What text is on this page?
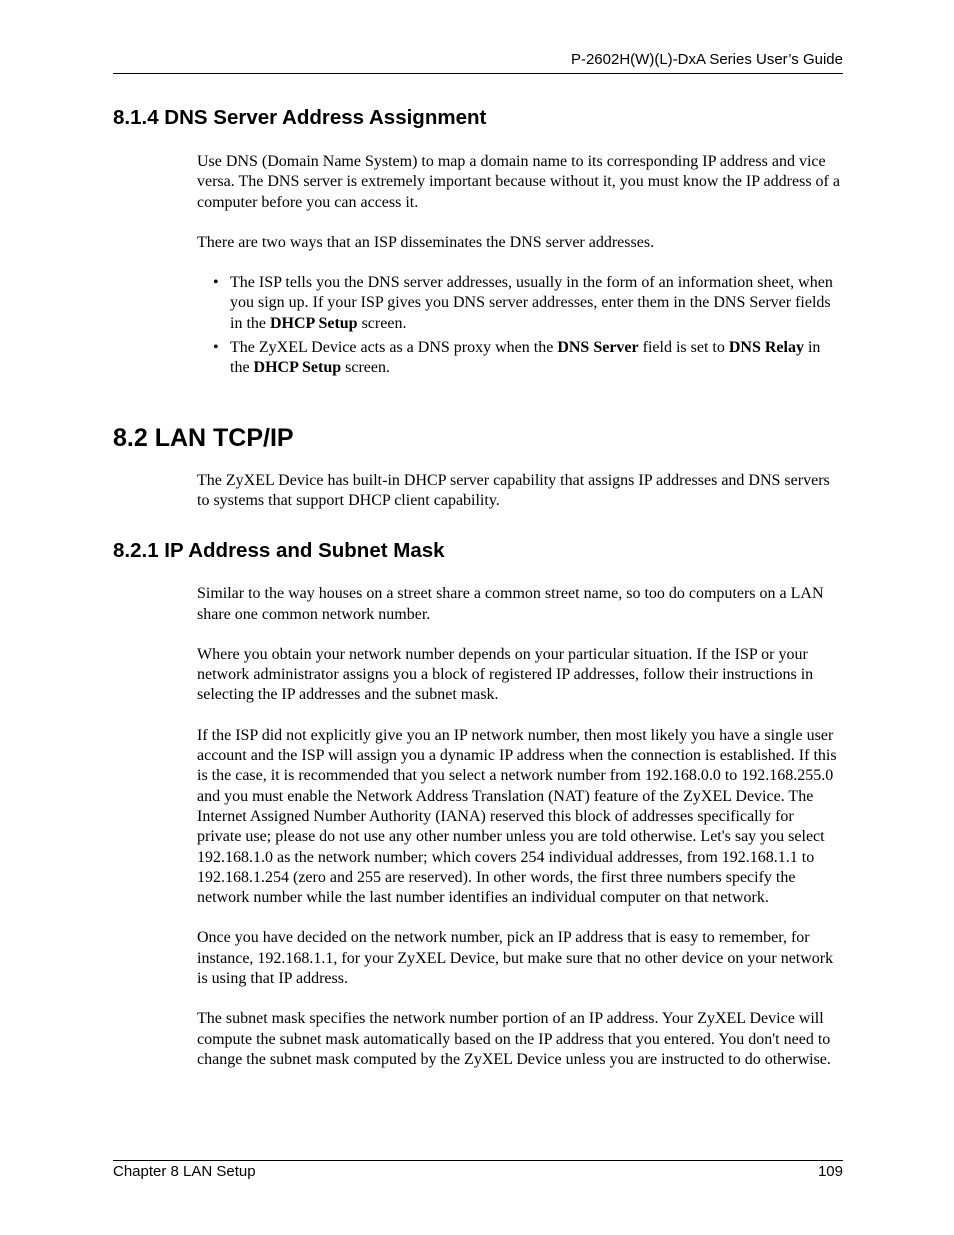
P-2602H(W)(L)-DxA Series User’s Guide
8.1.4 DNS Server Address Assignment

Use DNS (Domain Name System) to map a domain name to its corresponding IP address and vice versa. The DNS server is extremely important because without it, you must know the IP address of a computer before you can access it.

There are two ways that an ISP disseminates the DNS server addresses.

• The ISP tells you the DNS server addresses, usually in the form of an information sheet, when you sign up. If your ISP gives you DNS server addresses, enter them in the DNS Server fields in the DHCP Setup screen.
• The ZyXEL Device acts as a DNS proxy when the DNS Server field is set to DNS Relay in the DHCP Setup screen.
8.2 LAN TCP/IP

The ZyXEL Device has built-in DHCP server capability that assigns IP addresses and DNS servers to systems that support DHCP client capability.

8.2.1 IP Address and Subnet Mask

Similar to the way houses on a street share a common street name, so too do computers on a LAN share one common network number.

Where you obtain your network number depends on your particular situation. If the ISP or your network administrator assigns you a block of registered IP addresses, follow their instructions in selecting the IP addresses and the subnet mask.

If the ISP did not explicitly give you an IP network number, then most likely you have a single user account and the ISP will assign you a dynamic IP address when the connection is established. If this is the case, it is recommended that you select a network number from 192.168.0.0 to 192.168.255.0 and you must enable the Network Address Translation (NAT) feature of the ZyXEL Device. The Internet Assigned Number Authority (IANA) reserved this block of addresses specifically for private use; please do not use any other number unless you are told otherwise. Let's say you select 192.168.1.0 as the network number; which covers 254 individual addresses, from 192.168.1.1 to 192.168.1.254 (zero and 255 are reserved). In other words, the first three numbers specify the network number while the last number identifies an individual computer on that network.

Once you have decided on the network number, pick an IP address that is easy to remember, for instance, 192.168.1.1, for your ZyXEL Device, but make sure that no other device on your network is using that IP address.

The subnet mask specifies the network number portion of an IP address. Your ZyXEL Device will compute the subnet mask automatically based on the IP address that you entered. You don't need to change the subnet mask computed by the ZyXEL Device unless you are instructed to do otherwise.

Chapter 8 LAN Setup	109
